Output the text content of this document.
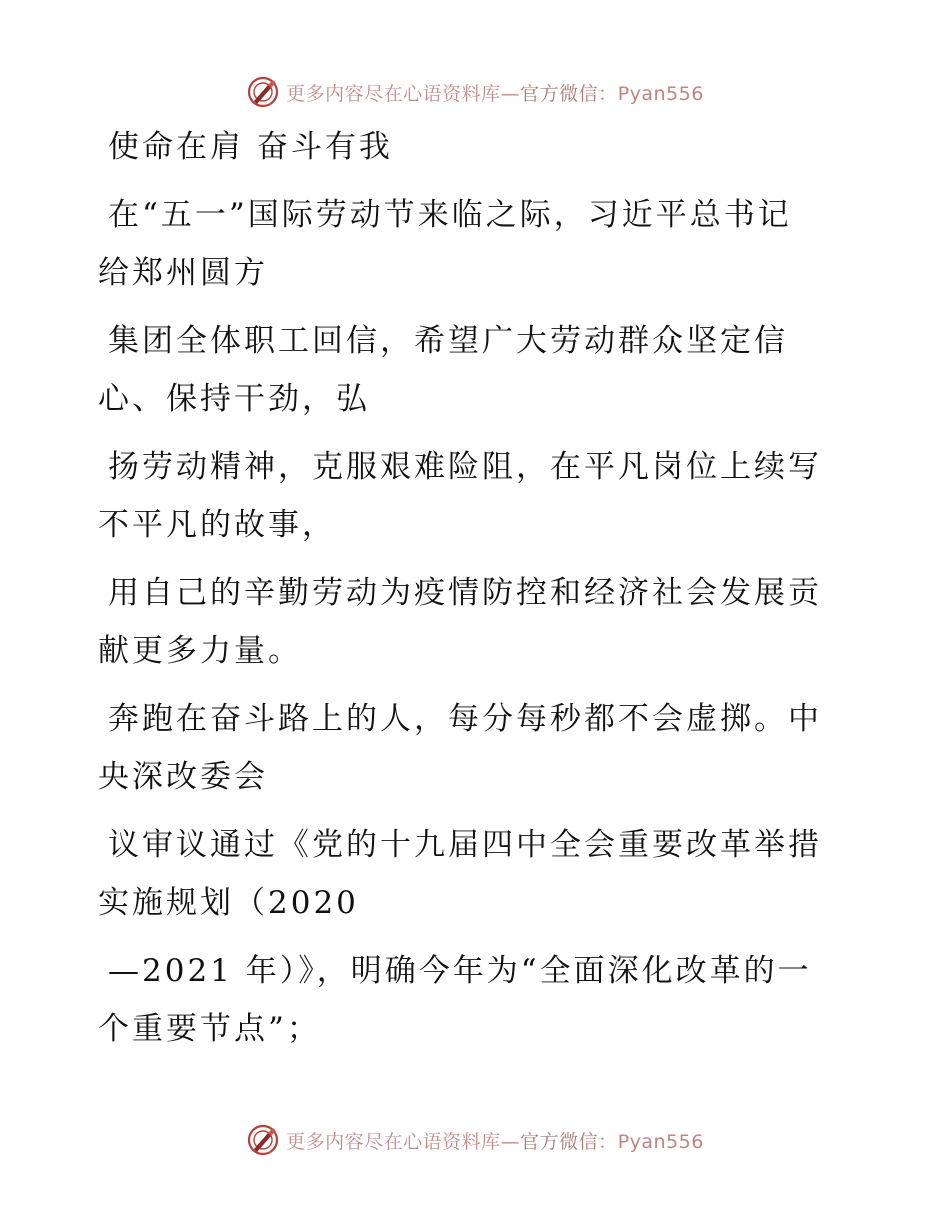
更多内容尽在心语资料库—官方微信：Pyan556
使命在肩 奋斗有我
在“五一”国际劳动节来临之际，习近平总书记
给郑州圆方
集团全体职工回信，希望广大劳动群众坚定信
心、保持干劲，弘
扬劳动精神，克服艰难险阻，在平凡岗位上续写
不平凡的故事，
用自己的辛勤劳动为疫情防控和经济社会发展贡
献更多力量。
奔跑在奋斗路上的人，每分每秒都不会虚掷。中
央深改委会
议审议通过《党的十九届四中全会重要改革举措
实施规划（2020
—2021 年）》，明确今年为“全面深化改革的一
个重要节点”；
更多内容尽在心语资料库—官方微信：Pyan556
